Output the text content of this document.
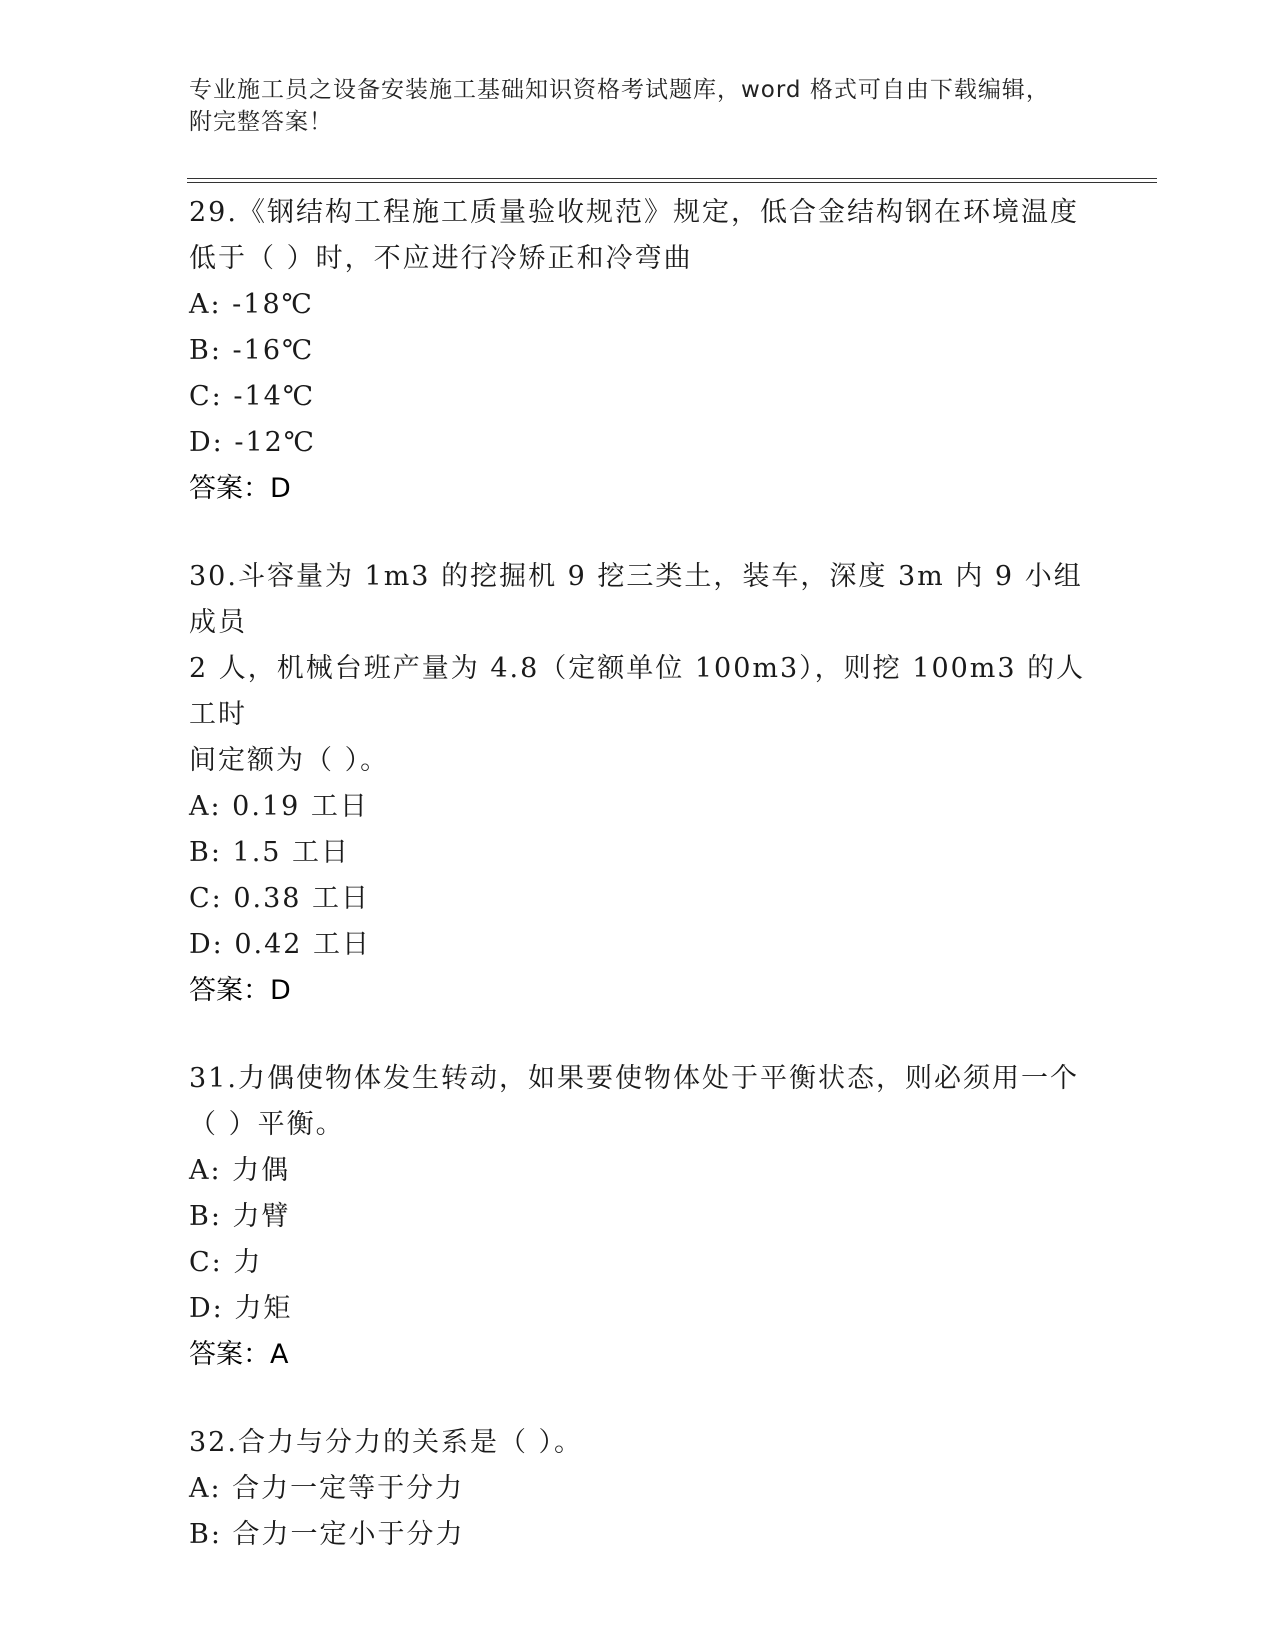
专业施工员之设备安装施工基础知识资格考试题库，word 格式可自由下载编辑，
附完整答案！

29.《钢结构工程施工质量验收规范》规定，低合金结构钢在环境温度

低于（ ）时，不应进行冷矫正和冷弯曲

A: -18℃

B: -16℃

C: -14℃

D: -12℃

答案：D

30.斗容量为 1m3 的挖掘机 9 挖三类土，装车，深度 3m 内 9 小组成员

2 人，机械台班产量为 4.8（定额单位 100m3），则挖 100m3 的人工时

间定额为（ ）。

A: 0.19 工日

B: 1.5 工日

C: 0.38 工日

D: 0.42 工日

答案：D

31.力偶使物体发生转动，如果要使物体处于平衡状态，则必须用一个

（ ）平衡。

A: 力偶

B: 力臂

C: 力

D: 力矩

答案：A

32.合力与分力的关系是（ ）。

A: 合力一定等于分力

B: 合力一定小于分力
